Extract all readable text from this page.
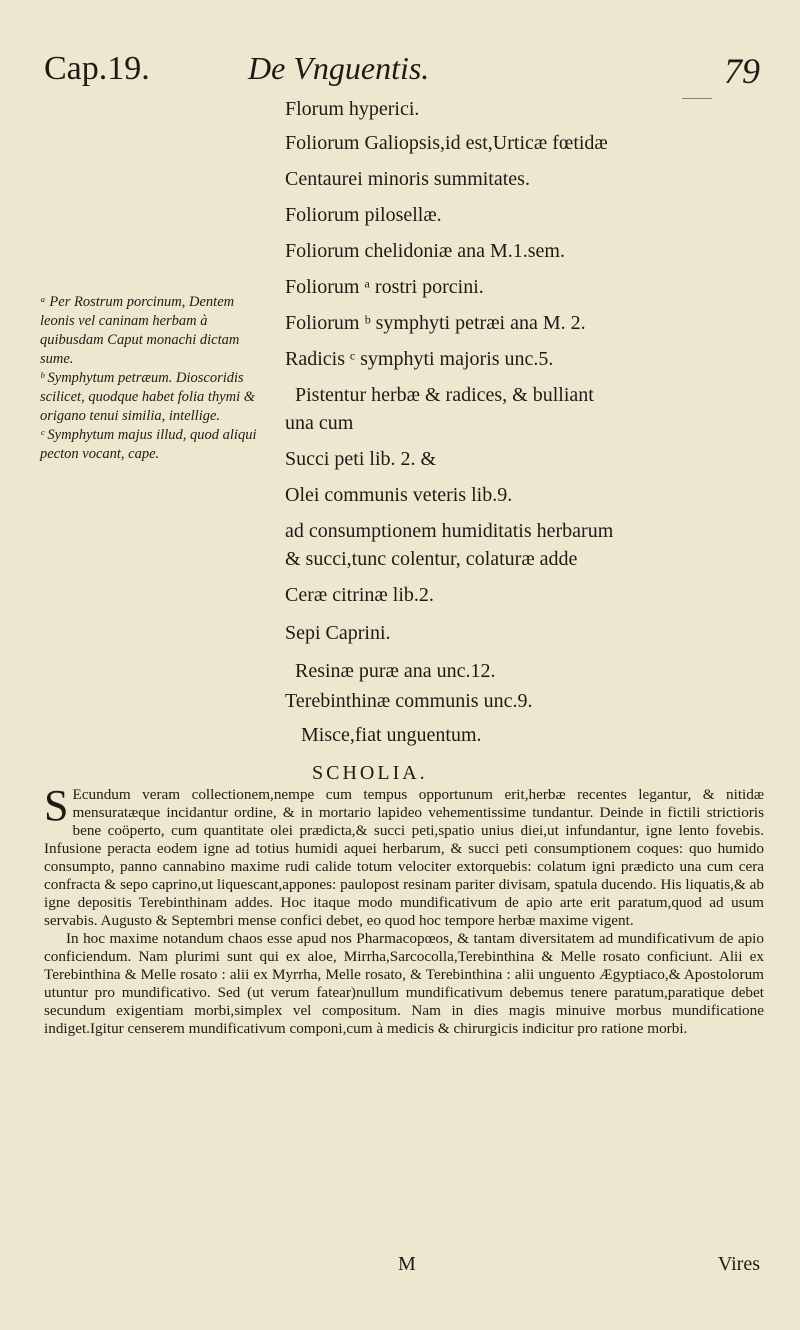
Cap.19.	De Vnguentis.	79
Florum hyperici.
Foliorum Galiopsis,id est,Urticæ fœtidæ
Centaurei minoris summitates.
Foliorum pilosellæ.
Foliorum chelidoniæ ana M.1.sem.
Foliorum ᵃ rostri porcini.
Foliorum ᵇ symphyti petræi ana M. 2.
Radicis ᶜ symphyti majoris unc.5.
Pistentur herbæ & radices, & bulliant
una cum
Succi peti lib. 2. &
Olei communis veteris lib.9.
ad consumptionem humiditatis herbarum
& succi,tunc colentur, colaturæ adde
Ceræ citrinæ lib.2.
Sepi Caprini.
Resinæ puræ ana unc.12.
Terebinthinæ communis unc.9.
Misce,fiat unguentum.

ᵃ Per Rostrum porcinum, Dentem leonis vel caninam herbam à quibusdam Caput monachi dictam sume.

ᵇ Symphytum petræum. Dioscoridis scilicet, quodque habet folia thymi & origano tenui similia, intellige.

ᶜ Symphytum majus illud, quod aliqui pecton vocant, cape.

SCHOLIA.

S Ecundum veram collectionem,nempe cum tempus opportunum erit,herbæ recentes legantur, & nitidæ mensuratæque incidantur ordine, & in mortario lapideo vehementissime tundantur. Deinde in fictili strictioris bene coöperto, cum quantitate olei prædicta,& succi peti,spatio unius diei,ut infundantur, igne lento fovebis. Infusione peracta eodem igne ad totius humidi aquei herbarum, & succi peti consumptionem coques: quo humido consumpto, panno cannabino maxime rudi calide totum velociter extorquebis: colatum igni prædicto una cum cera confracta & sepo caprino,ut liquescant,appones: paulopost resinam pariter divisam, spatula ducendo. His liquatis,& ab igne depositis Terebinthinam addes. Hoc itaque modo mundificativum de apio arte erit paratum,quod ad usum servabis. Augusto & Septembri mense confici debet, eo quod hoc tempore herbæ maxime vigent.

In hoc maxime notandum chaos esse apud nos Pharmacopœos, & tantam diversitatem ad mundificativum de apio conficiendum. Nam plurimi sunt qui ex aloe, Mirrha,Sarcocolla,Terebinthina & Melle rosato conficiunt. Alii ex Terebinthina & Melle rosato : alii ex Myrrha, Melle rosato, & Terebinthina : alii unguento Ægyptiaco,& Apostolorum utuntur pro mundificativo. Sed (ut verum fatear)nullum mundificativum debemus tenere paratum,paratique debet secundum exigentiam morbi,simplex vel compositum. Nam in dies magis minuive morbus mundificatione indiget.Igitur censerem mundificativum componi,cum à medicis & chirurgicis indicitur pro ratione morbi.

M	Vires
